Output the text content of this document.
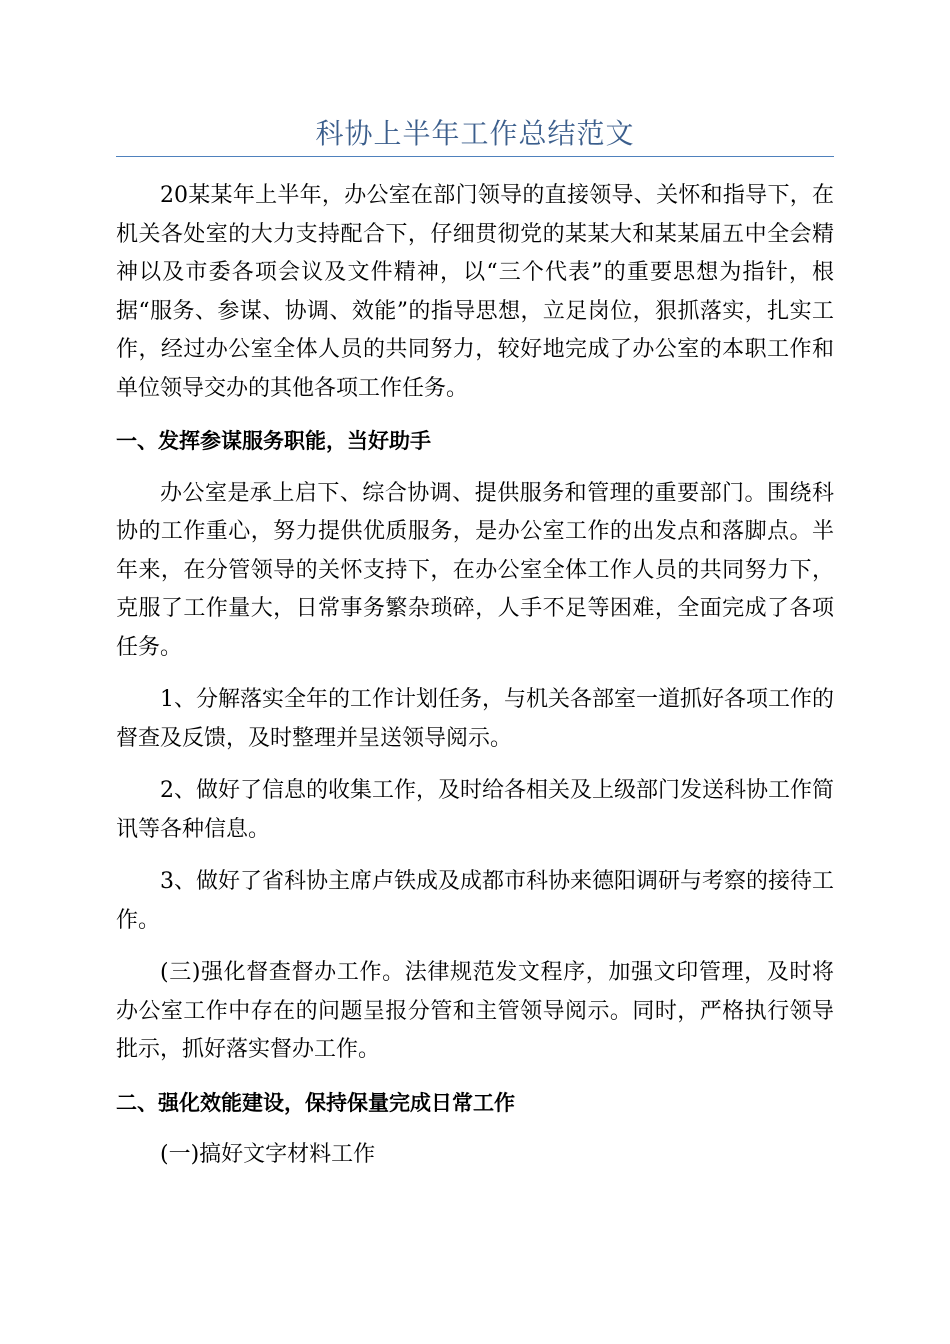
科协上半年工作总结范文

20某某年上半年，办公室在部门领导的直接领导、关怀和指导下，在机关各处室的大力支持配合下，仔细贯彻党的某某大和某某届五中全会精神以及市委各项会议及文件精神，以“三个代表”的重要思想为指针，根据“服务、参谋、协调、效能”的指导思想，立足岗位，狠抓落实，扎实工作，经过办公室全体人员的共同努力，较好地完成了办公室的本职工作和单位领导交办的其他各项工作任务。

一、发挥参谋服务职能，当好助手

办公室是承上启下、综合协调、提供服务和管理的重要部门。围绕科协的工作重心，努力提供优质服务，是办公室工作的出发点和落脚点。半年来，在分管领导的关怀支持下，在办公室全体工作人员的共同努力下，克服了工作量大，日常事务繁杂琐碎，人手不足等困难，全面完成了各项任务。

1、分解落实全年的工作计划任务，与机关各部室一道抓好各项工作的督查及反馈，及时整理并呈送领导阅示。

2、做好了信息的收集工作，及时给各相关及上级部门发送科协工作简讯等各种信息。

3、做好了省科协主席卢铁成及成都市科协来德阳调研与考察的接待工作。

(三)强化督查督办工作。法律规范发文程序，加强文印管理，及时将办公室工作中存在的问题呈报分管和主管领导阅示。同时，严格执行领导批示，抓好落实督办工作。

二、强化效能建设，保持保量完成日常工作

(一)搞好文字材料工作
